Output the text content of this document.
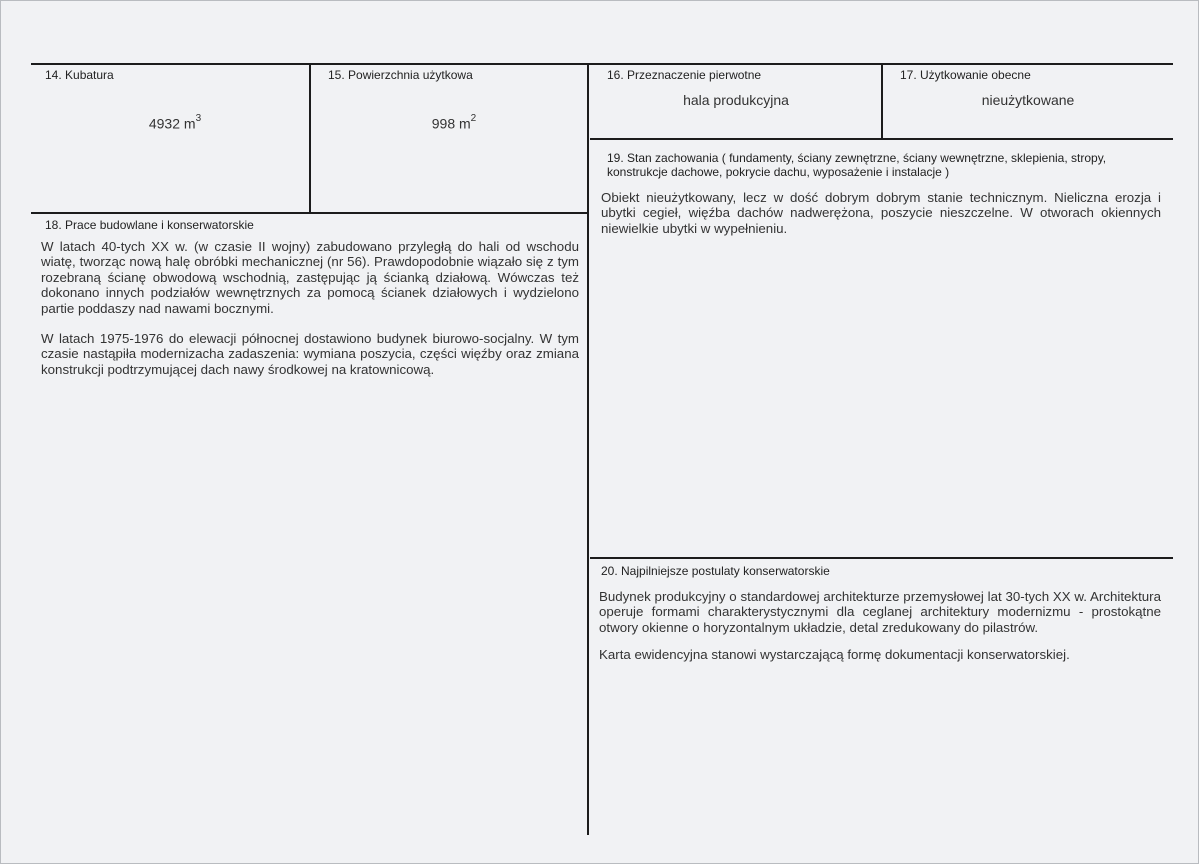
14. Kubatura
4932 $m^3$
15. Powierzchnia użytkowa
998 $m^2$
16. Przeznaczenie pierwotne
hala produkcyjna
17. Użytkowanie obecne
nieużytkowane
18. Prace budowlane i konserwatorskie

W latach 40-tych XX w. (w czasie II wojny) zabudowano przyległą do hali od wschodu wiatę, tworząc nową halę obróbki mechanicznej (nr 56). Prawdopodobnie wiązało się z tym rozebraną ścianę obwodową wschodnią, zastępując ją ścianką działową. Wówczas też dokonano innych podziałów wewnętrznych za pomocą ścianek działowych i wydzielono partie poddaszy nad nawami bocznymi.

W latach 1975-1976 do elewacji północnej dostawiono budynek biurowo-socjalny. W tym czasie nastąpiła modernizacha zadaszenia: wymiana poszycia, części więźby oraz zmiana konstrukcji podtrzymującej dach nawy środkowej na kratownicową.

19. Stan zachowania ( fundamenty, ściany zewnętrzne, ściany wewnętrzne, sklepienia, stropy, konstrukcje dachowe, pokrycie dachu, wyposażenie i instalacje )

Obiekt nieużytkowany, lecz w dość dobrym dobrym stanie technicznym. Nieliczna erozja i ubytki cegieł, więźba dachów nadwerężona, poszycie nieszczelne. W otworach okiennych niewielkie ubytki w wypełnieniu.

20. Najpilniejsze postulaty konserwatorskie

Budynek produkcyjny o standardowej architekturze przemysłowej lat 30-tych XX w. Architektura operuje formami charakterystycznymi dla ceglanej architektury modernizmu - prostokątne otwory okienne o horyzontalnym układzie, detal zredukowany do pilastrów.

Karta ewidencyjna stanowi wystarczającą formę dokumentacji konserwatorskiej.
